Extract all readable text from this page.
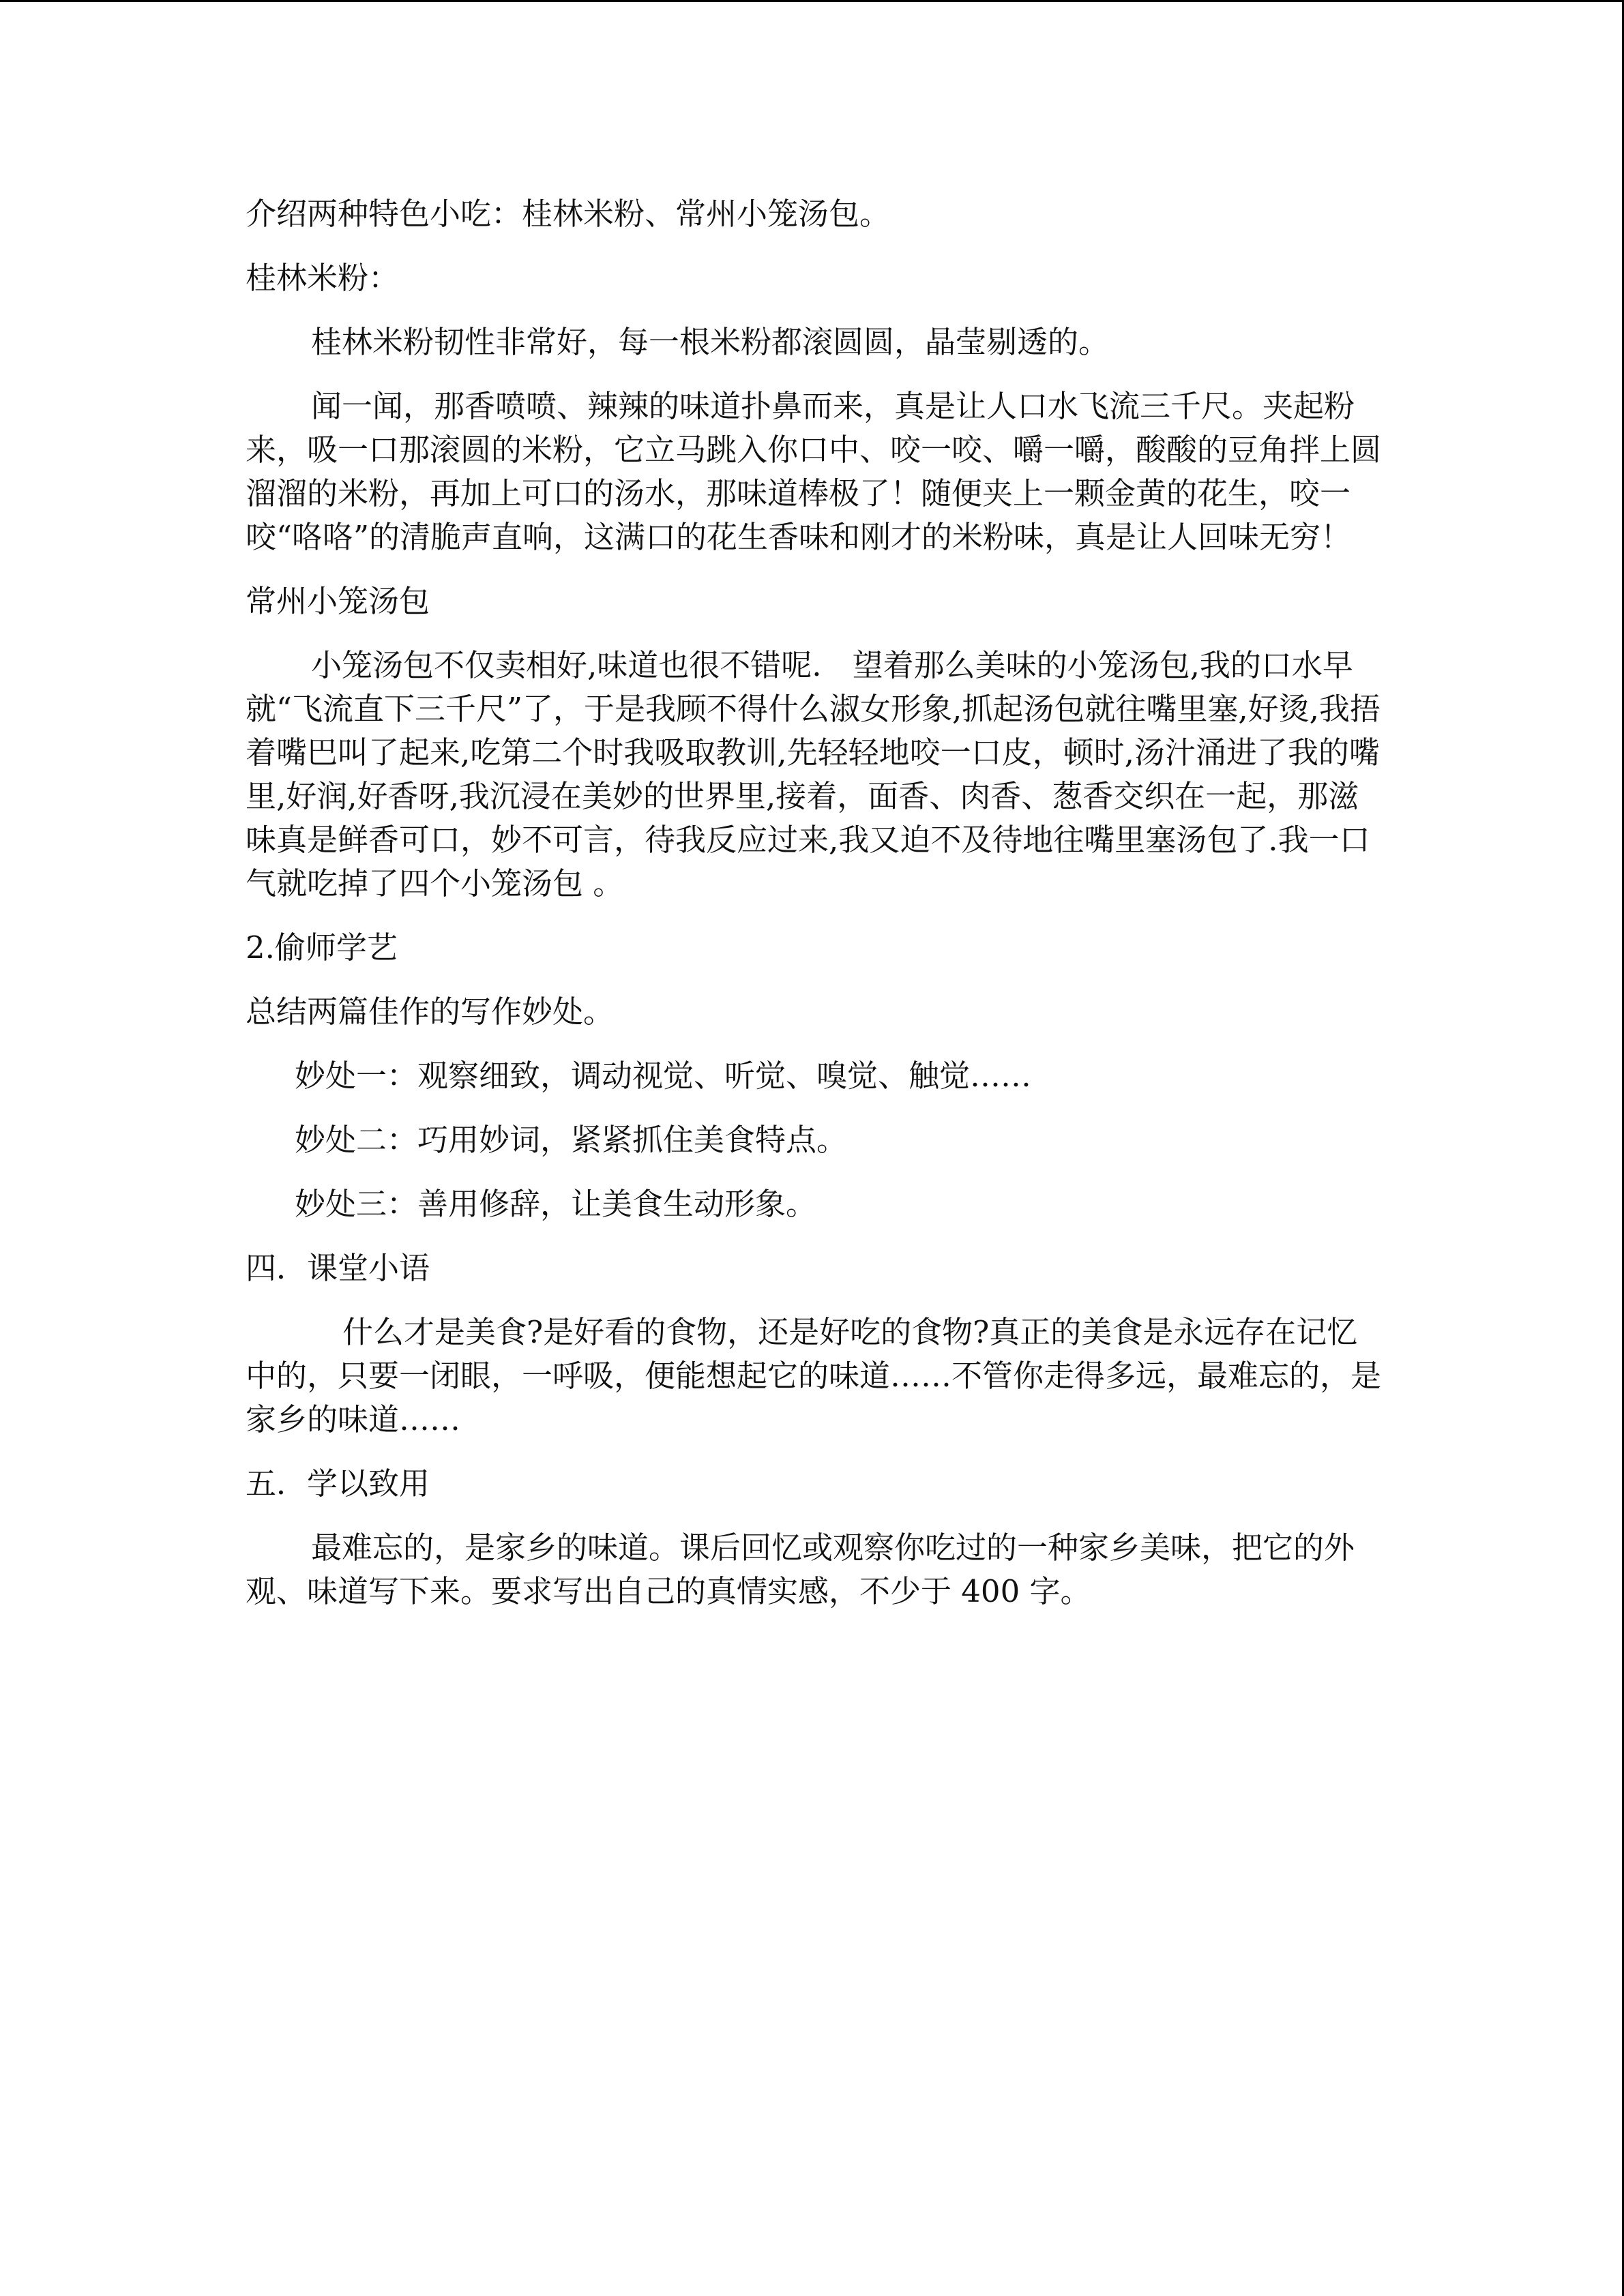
介绍两种特色小吃：桂林米粉、常州小笼汤包。

桂林米粉：

桂林米粉韧性非常好，每一根米粉都滚圆圆，晶莹剔透的。

闻一闻，那香喷喷、辣辣的味道扑鼻而来，真是让人口水飞流三千尺。夹起粉来，吸一口那滚圆的米粉，它立马跳入你口中、咬一咬、嚼一嚼，酸酸的豆角拌上圆溜溜的米粉，再加上可口的汤水，那味道棒极了！随便夹上一颗金黄的花生，咬一咬“咯咯”的清脆声直响，这满口的花生香味和刚才的米粉味，真是让人回味无穷！

常州小笼汤包

小笼汤包不仅卖相好,味道也很不错呢.　望着那么美味的小笼汤包,我的口水早就“飞流直下三千尺”了，于是我顾不得什么淑女形象,抓起汤包就往嘴里塞,好烫,我捂着嘴巴叫了起来,吃第二个时我吸取教训,先轻轻地咬一口皮，顿时,汤汁涌进了我的嘴里,好润,好香呀,我沉浸在美妙的世界里,接着，面香、肉香、葱香交织在一起，那滋味真是鲜香可口，妙不可言，待我反应过来,我又迫不及待地往嘴里塞汤包了.我一口气就吃掉了四个小笼汤包 。

2.偷师学艺

总结两篇佳作的写作妙处。

妙处一：观察细致，调动视觉、听觉、嗅觉、触觉……

妙处二：巧用妙词，紧紧抓住美食特点。

妙处三：善用修辞，让美食生动形象。

四．课堂小语

什么才是美食?是好看的食物，还是好吃的食物?真正的美食是永远存在记忆中的，只要一闭眼，一呼吸，便能想起它的味道……不管你走得多远，最难忘的，是家乡的味道……

五．学以致用

最难忘的，是家乡的味道。课后回忆或观察你吃过的一种家乡美味，把它的外观、味道写下来。要求写出自己的真情实感，不少于 400 字。
